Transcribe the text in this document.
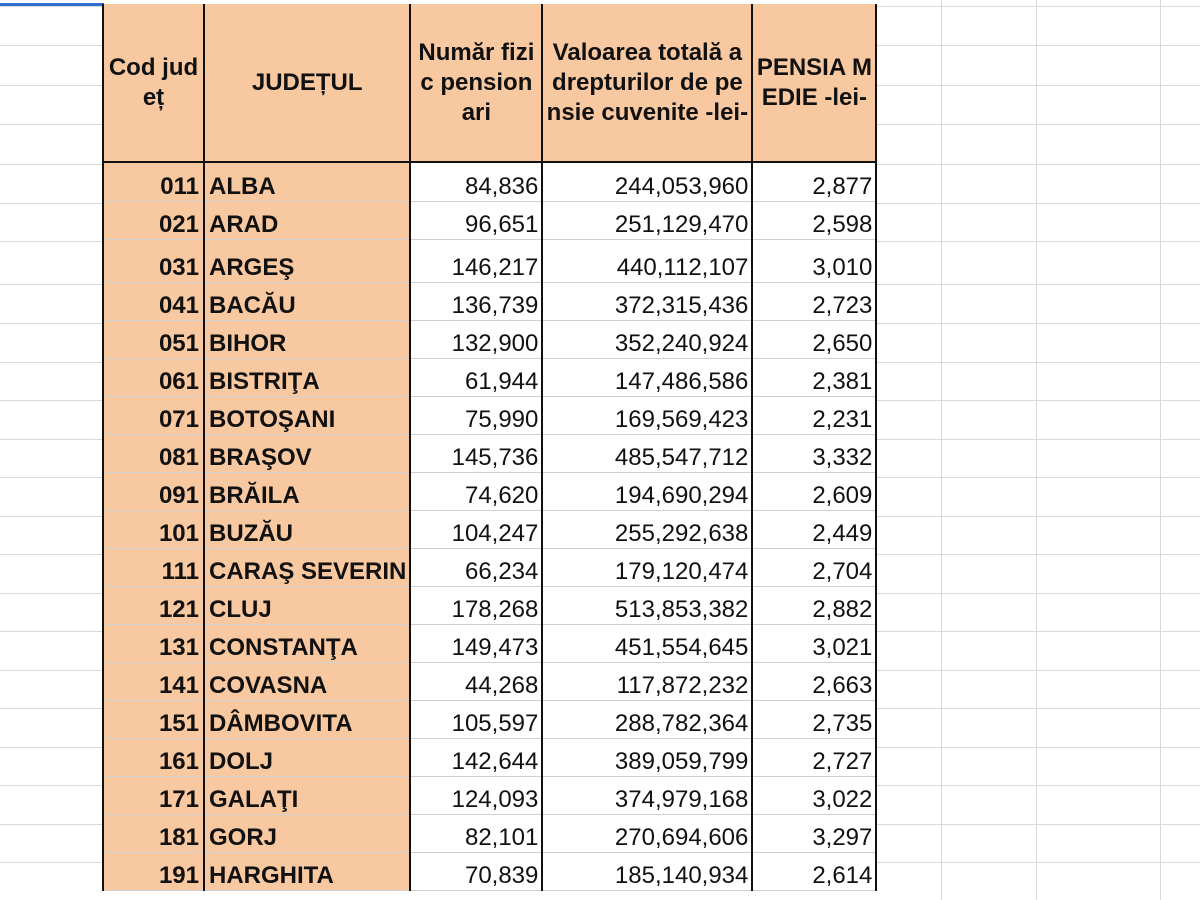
Cod județ	JUDEȚUL	Număr fizic pensionari	Valoarea totală a drepturilor de pensie cuvenite -lei-	PENSIA MEDIE -lei-
011	ALBA	84,836	244,053,960	2,877
021	ARAD	96,651	251,129,470	2,598
031	ARGEŞ	146,217	440,112,107	3,010
041	BACĂU	136,739	372,315,436	2,723
051	BIHOR	132,900	352,240,924	2,650
061	BISTRIŢA	61,944	147,486,586	2,381
071	BOTOŞANI	75,990	169,569,423	2,231
081	BRAŞOV	145,736	485,547,712	3,332
091	BRĂILA	74,620	194,690,294	2,609
101	BUZĂU	104,247	255,292,638	2,449
111	CARAŞ SEVERIN	66,234	179,120,474	2,704
121	CLUJ	178,268	513,853,382	2,882
131	CONSTANŢA	149,473	451,554,645	3,021
141	COVASNA	44,268	117,872,232	2,663
151	DÂMBOVITA	105,597	288,782,364	2,735
161	DOLJ	142,644	389,059,799	2,727
171	GALAŢI	124,093	374,979,168	3,022
181	GORJ	82,101	270,694,606	3,297
191	HARGHITA	70,839	185,140,934	2,614
